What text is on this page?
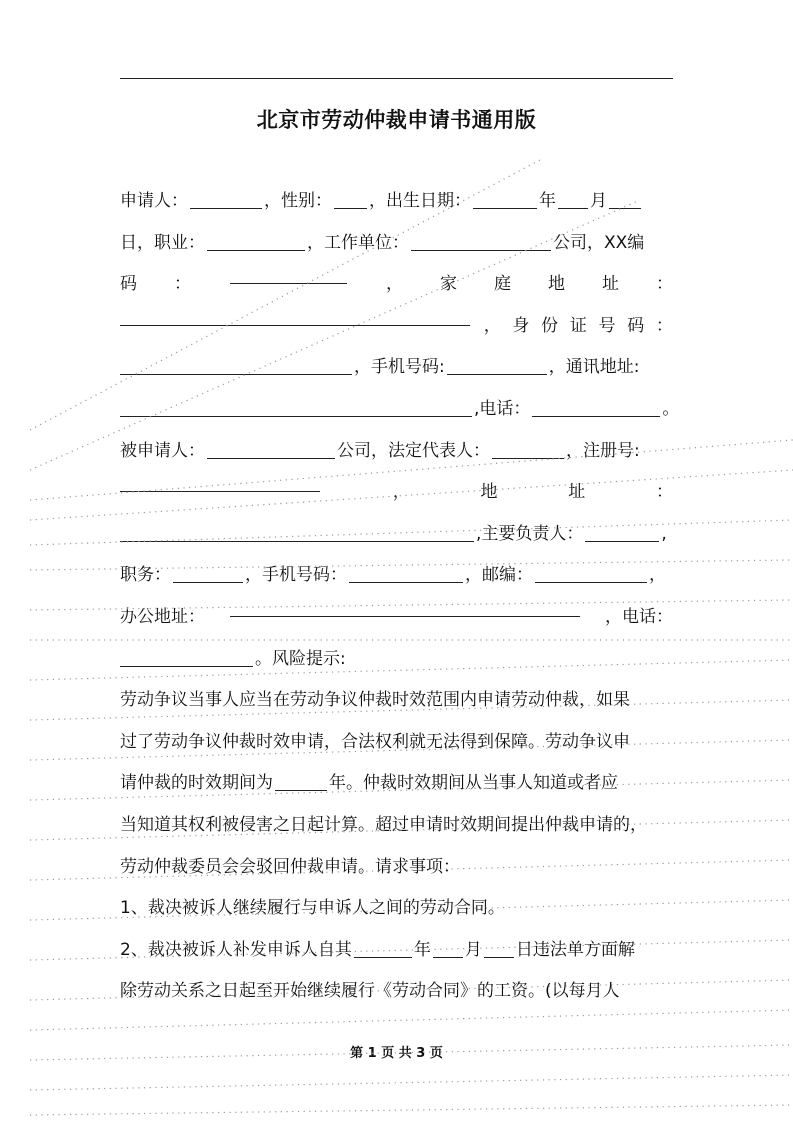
北京市劳动仲裁申请书通用版
申请人：	，性别： ，出生日期：	年 月
日，职业：	，工作单位：	公司，XX编
码 ：	， 家 庭 地 址 ：
， 身 份 证 号 码 ：
，手机号码:	，通讯地址:
,电话：	。
被申请人：	公司，法定代表人：	，注册号:
，	地	址	：
,主要负责人：	,
职务：	，手机号码：	，邮编：	，
办公地址：	，电话：
。风险提示:
劳动争议当事人应当在劳动争议仲裁时效范围内申请劳动仲裁，如果
过了劳动争议仲裁时效申请，合法权利就无法得到保障。劳动争议申
请仲裁的时效期间为	年。仲裁时效期间从当事人知道或者应
当知道其权利被侵害之日起计算。超过申请时效期间提出仲裁申请的，
劳动仲裁委员会会驳回仲裁申请。请求事项：
1、裁决被诉人继续履行与申诉人之间的劳动合同。
2、裁决被诉人补发申诉人自其	年 月 日违法单方面解
除劳动关系之日起至开始继续履行《劳动合同》的工资。(以每月人
第 1 页 共 3 页
